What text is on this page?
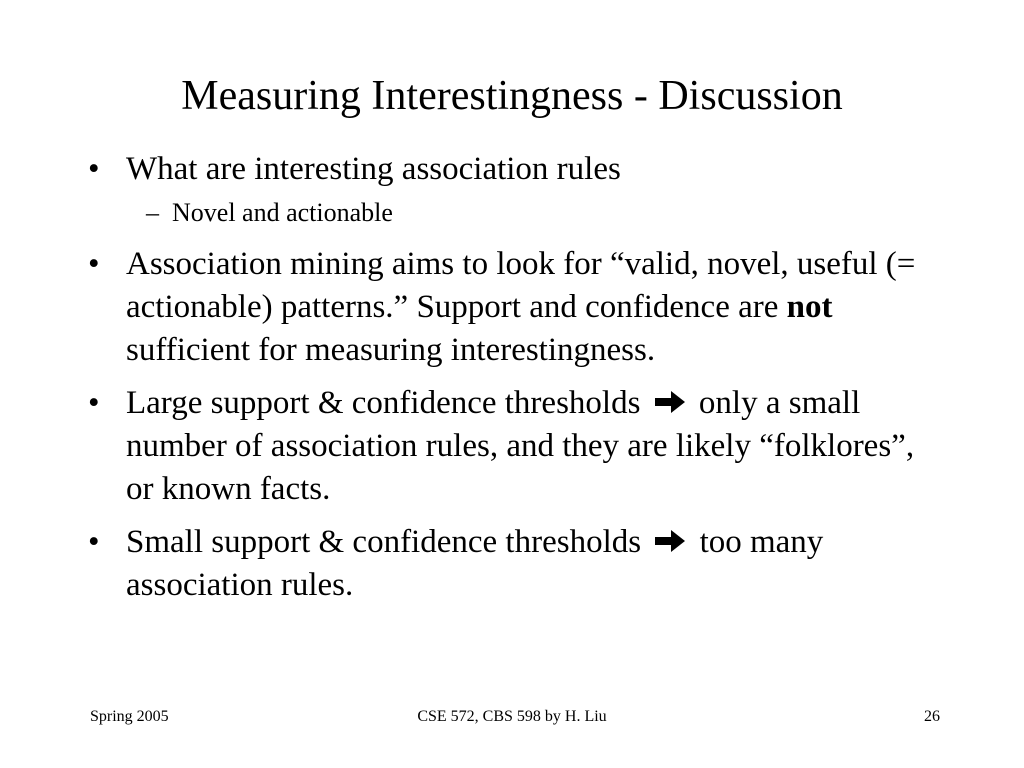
Measuring Interestingness - Discussion
• What are interesting association rules
– Novel and actionable
• Association mining aims to look for “valid, novel, useful (= actionable) patterns.” Support and confidence are not sufficient for measuring interestingness.
• Large support & confidence thresholds only a small number of association rules, and they are likely “folklores”, or known facts.
• Small support & confidence thresholds too many association rules.
Spring 2005	CSE 572, CBS 598 by H. Liu	26
